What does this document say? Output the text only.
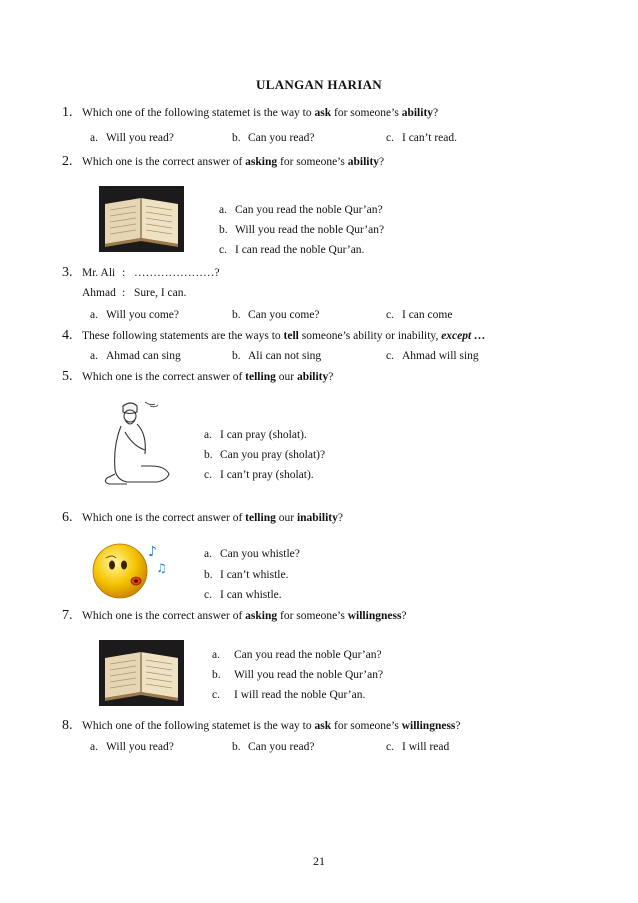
ULANGAN HARIAN
1. Which one of the following statemet is the way to ask for someone’s ability?
a. Will you read?	b. Can you read?	c. I can’t read.
2. Which one is the correct answer of asking for someone’s ability?
a. Can you read the noble Qur’an?
b. Will you read the noble Qur’an?
c. I can read the noble Qur’an.
3. Mr. Ali : …………………?
Ahmad : Sure, I can.
a. Will you come?	b. Can you come?	c. I can come
4. These following statements are the ways to tell someone’s ability or inability, except …
a. Ahmad can sing	b. Ali can not sing	c. Ahmad will sing
5. Which one is the correct answer of telling our ability?
a. I can pray (sholat).
b. Can you pray (sholat)?
c. I can’t pray (sholat).
6. Which one is the correct answer of telling our inability?
♪
♫
a. Can you whistle?
b. I can’t whistle.
c. I can whistle.
7. Which one is the correct answer of asking for someone’s willingness?
a. Can you read the noble Qur’an?
b. Will you read the noble Qur’an?
c. I will read the noble Qur’an.
8. Which one of the following statemet is the way to ask for someone’s willingness?
a. Will you read?	b. Can you read?	c. I will read
21
